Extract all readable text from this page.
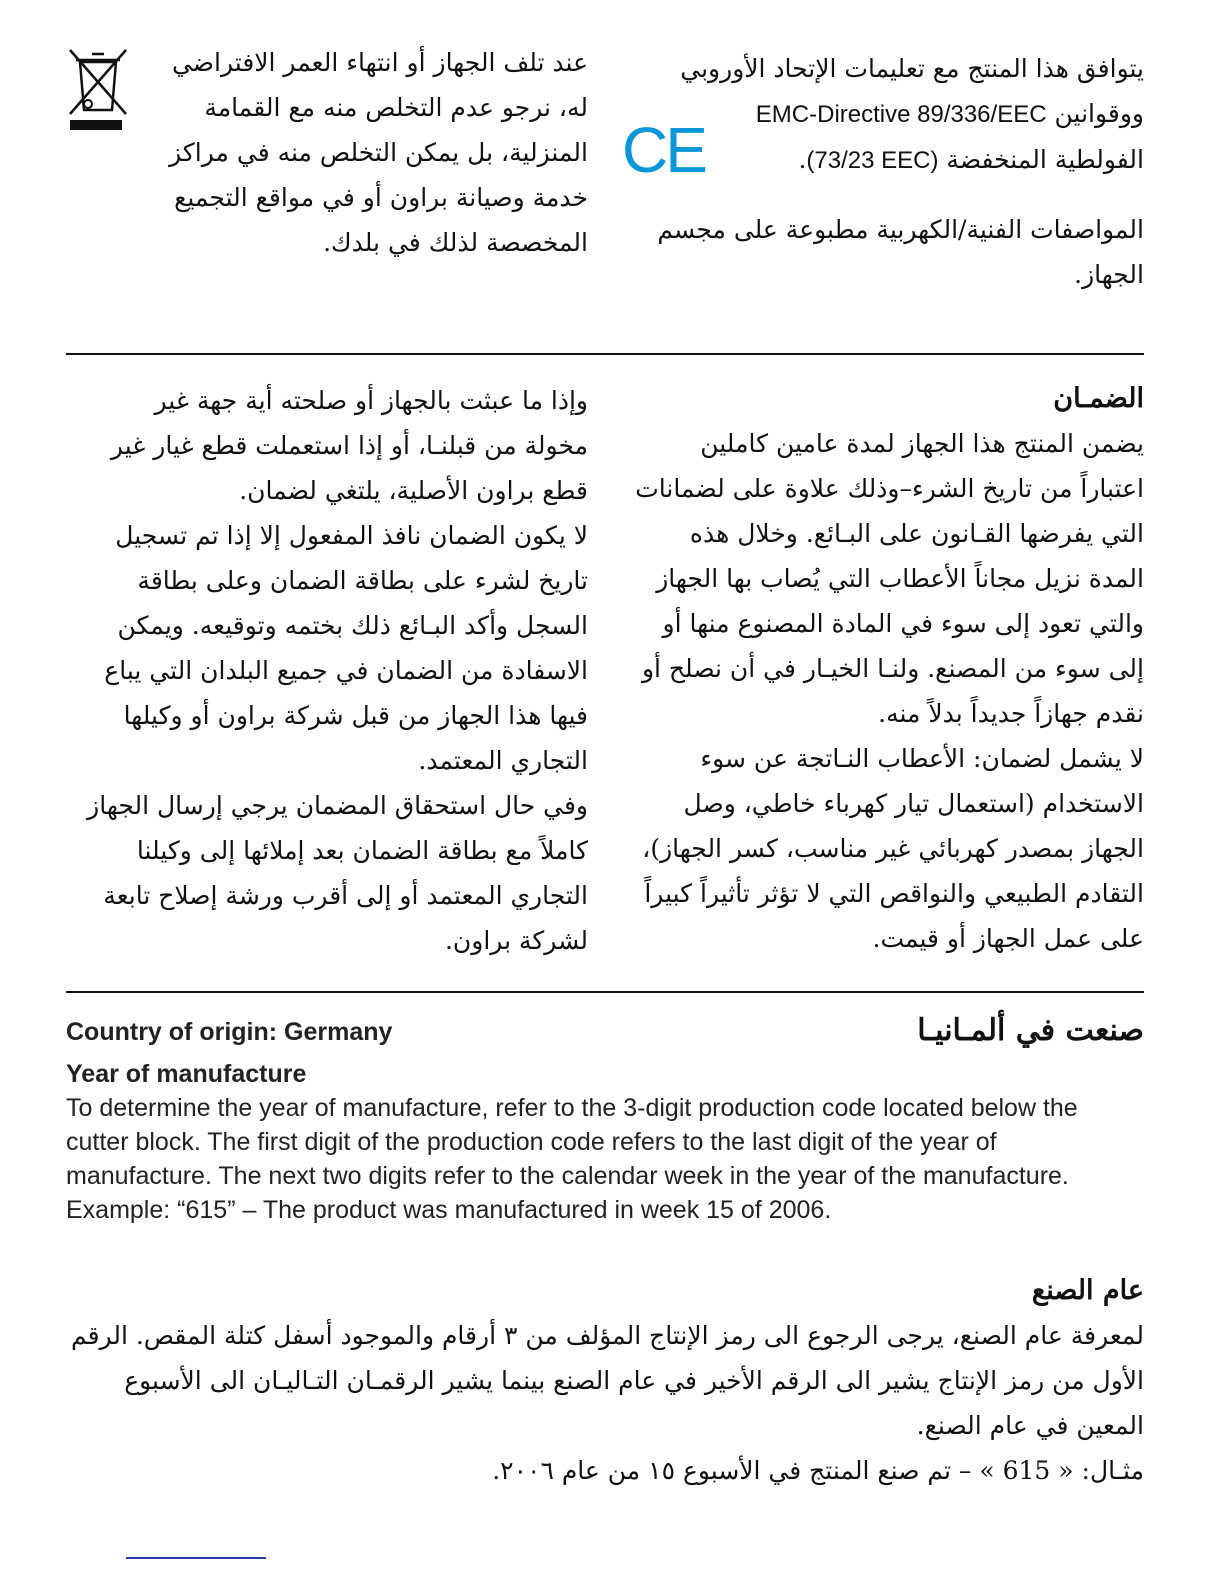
يتوافق هذا المنتج مع تعليمات الإتحاد الأوروبي

ووقوانين EMC-Directive 89/336/EEC

الفولطية المنخفضة (73/23 EEC).

المواصفات الفنية/الكهربية مطبوعة على مجسم الجهاز.

CE

عند تلف الجهاز أو انتهاء العمر الافتراضي له، نرجو عدم التخلص منه مع القمامة المنزلية، بل يمكن التخلص منه في مراكز خدمة وصيانة براون أو في مواقع التجميع المخصصة لذلك في بلدك.

الضمـان

يضمن المنتج هذا الجهاز لمدة عامين كاملين اعتباراً من تاريخ الشرء–وذلك علاوة على لضمانات التي يفرضها القـانون على البـائع. وخلال هذه المدة نزيل مجاناً الأعطاب التي يُصاب بها الجهاز والتي تعود إلى سوء في المادة المصنوع منها أو إلى سوء من المصنع. ولنـا الخيـار في أن نصلح أو نقدم جهازاً جديداً بدلاً منه.

لا يشمل لضمان: الأعطاب النـاتجة عن سوء الاستخدام (استعمال تيار كهرباء خاطي، وصل الجهاز بمصدر كهربائي غير مناسب، كسر الجهاز)، التقادم الطبيعي والنواقص التي لا تؤثر تأثيراً كبيراً على عمل الجهاز أو قيمت.

وإذا ما عبثت بالجهاز أو صلحته أية جهة غير مخولة من قبلنـا، أو إذا استعملت قطع غيار غير قطع براون الأصلية، يلتغي لضمان.

لا يكون الضمان نافذ المفعول إلا إذا تم تسجيل تاريخ لشرء على بطاقة الضمان وعلى بطاقة السجل وأكد البـائع ذلك بختمه وتوقيعه. ويمكن الاسفادة من الضمان في جميع البلدان التي يباع فيها هذا الجهاز من قبل شركة براون أو وكيلها التجاري المعتمد.

وفي حال استحقاق المضمان يرجي إرسال الجهاز كاملاً مع بطاقة الضمان بعد إملائها إلى وكيلنا التجاري المعتمد أو إلى أقرب ورشة إصلاح تابعة لشركة براون.

Country of origin: Germany

Year of manufacture

To determine the year of manufacture, refer to the 3-digit production code located below the cutter block. The first digit of the production code refers to the last digit of the year of manufacture. The next two digits refer to the calendar week in the year of the manufacture.

Example: “615” – The product was manufactured in week 15 of 2006.

صنعت في ألمـانيـا

عام الصنع

لمعرفة عام الصنع، يرجى الرجوع الى رمز الإنتاج المؤلف من ٣ أرقام والموجود أسفل كتلة المقص. الرقم الأول من رمز الإنتاج يشير الى الرقم الأخير في عام الصنع بينما يشير الرقمـان التـاليـان الى الأسبوع المعين في عام الصنع.

مثـال: « 615 » – تم صنع المنتج في الأسبوع ١٥ من عام ٢٠٠٦.
